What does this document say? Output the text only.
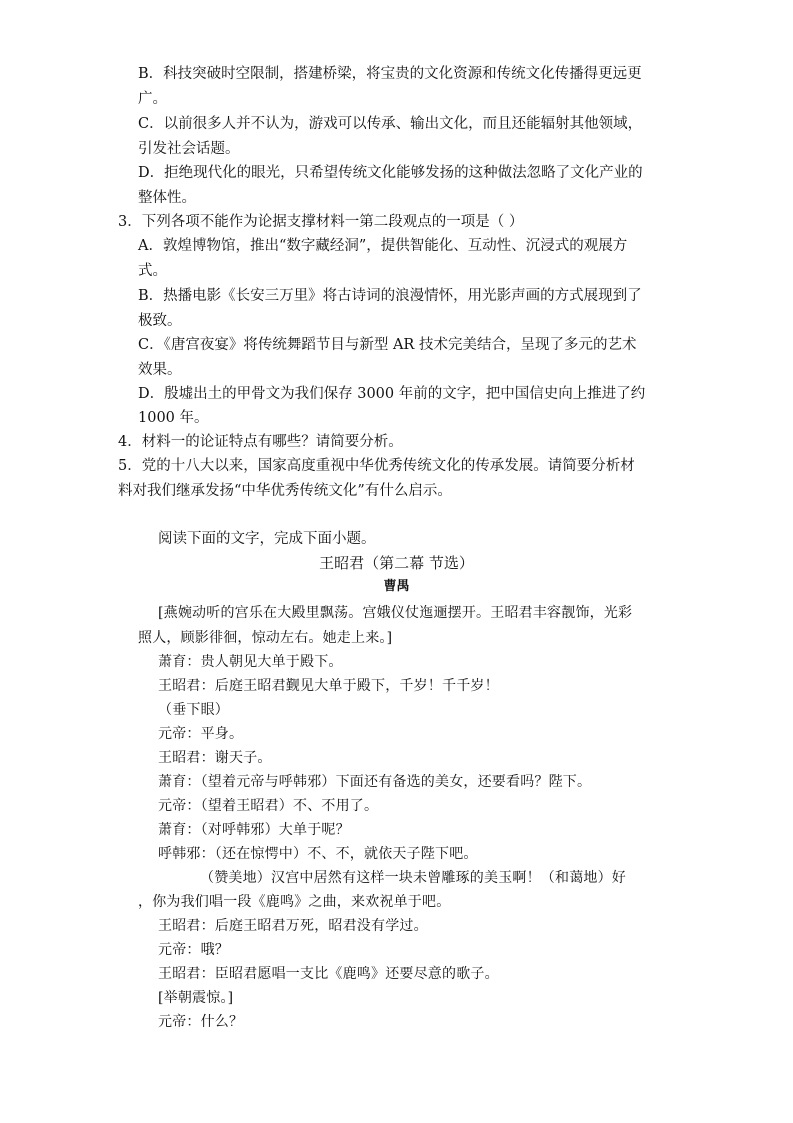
B．科技突破时空限制，搭建桥梁，将宝贵的文化资源和传统文化传播得更远更
广。
C．以前很多人并不认为，游戏可以传承、输出文化，而且还能辐射其他领域，
引发社会话题。
D．拒绝现代化的眼光，只希望传统文化能够发扬的这种做法忽略了文化产业的
整体性。
3．下列各项不能作为论据支撑材料一第二段观点的一项是（ ）
A．敦煌博物馆，推出“数字藏经洞”，提供智能化、互动性、沉浸式的观展方
式。
B．热播电影《长安三万里》将古诗词的浪漫情怀，用光影声画的方式展现到了
极致。
C．《唐宫夜宴》将传统舞蹈节目与新型 AR 技术完美结合，呈现了多元的艺术
效果。
D．殷墟出土的甲骨文为我们保存 3000 年前的文字，把中国信史向上推进了约
1000 年。
4．材料一的论证特点有哪些？请简要分析。
5．党的十八大以来，国家高度重视中华优秀传统文化的传承发展。请简要分析材
料对我们继承发扬“中华优秀传统文化”有什么启示。
阅读下面的文字，完成下面小题。
王昭君（第二幕 节选）
曹禺
[燕婉动听的宫乐在大殿里飘荡。宫娥仪仗迤逦摆开。王昭君丰容靓饰，光彩
照人，顾影徘徊，惊动左右。她走上来。]
萧育：贵人朝见大单于殿下。
王昭君：后庭王昭君觐见大单于殿下，千岁！千千岁！
（垂下眼）
元帝：平身。
王昭君：谢天子。
萧育：（望着元帝与呼韩邪）下面还有备选的美女，还要看吗？陛下。
元帝：（望着王昭君）不、不用了。
萧育：（对呼韩邪）大单于呢？
呼韩邪：（还在惊愕中）不、不，就依天子陛下吧。
（赞美地）汉宫中居然有这样一块未曾雕琢的美玉啊！（和蔼地）好
，你为我们唱一段《鹿鸣》之曲，来欢祝单于吧。
王昭君：后庭王昭君万死，昭君没有学过。
元帝：哦？
王昭君：臣昭君愿唱一支比《鹿鸣》还要尽意的歌子。
[举朝震惊。]
元帝：什么？
